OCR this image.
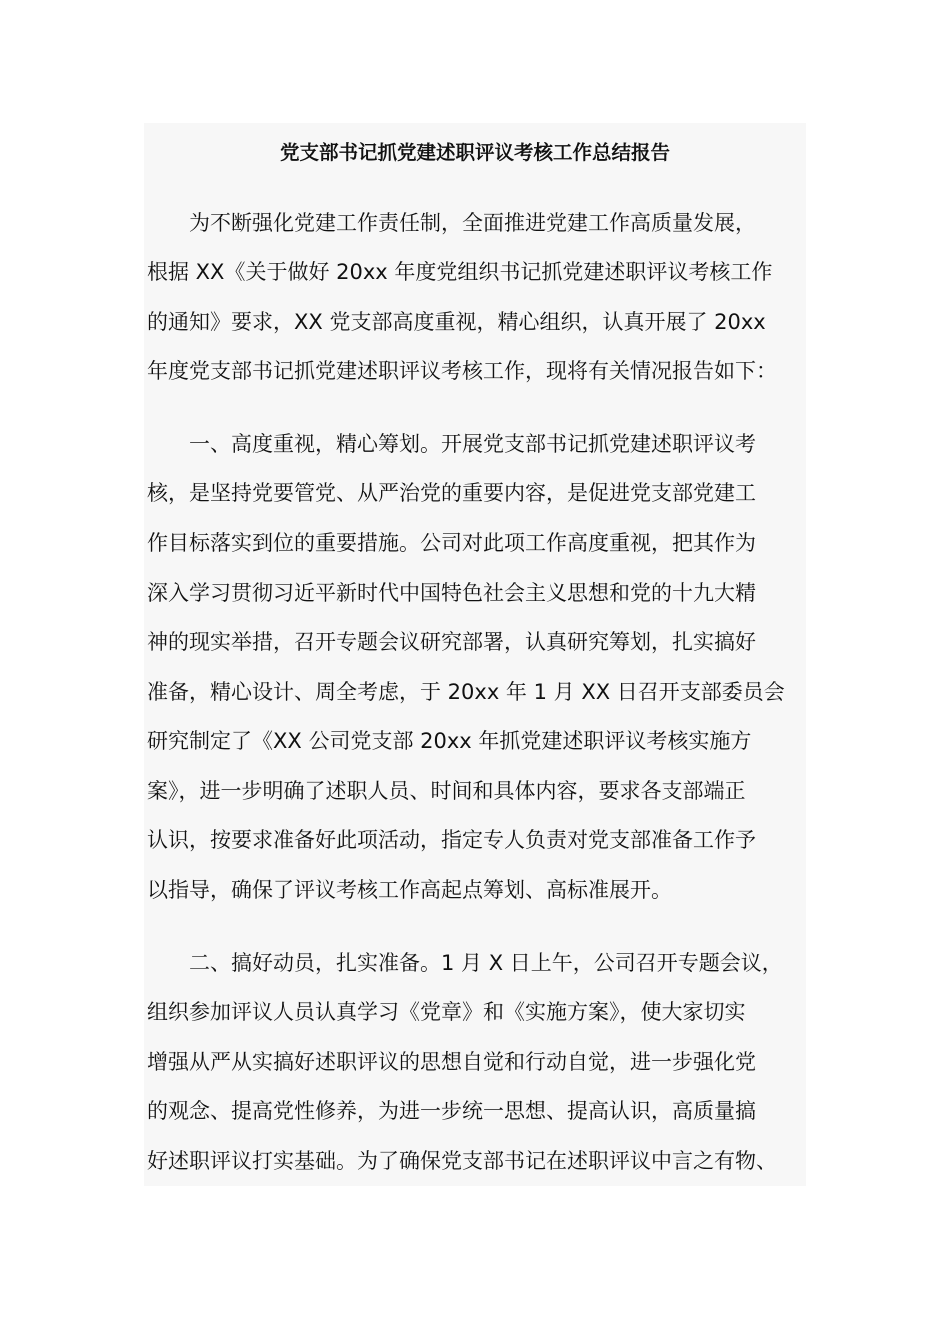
党支部书记抓党建述职评议考核工作总结报告
为不断强化党建工作责任制，全面推进党建工作高质量发展，
根据 XX《关于做好 20xx 年度党组织书记抓党建述职评议考核工作
的通知》要求，XX 党支部高度重视，精心组织，认真开展了 20xx
年度党支部书记抓党建述职评议考核工作，现将有关情况报告如下：
一、高度重视，精心筹划。开展党支部书记抓党建述职评议考
核，是坚持党要管党、从严治党的重要内容，是促进党支部党建工
作目标落实到位的重要措施。公司对此项工作高度重视，把其作为
深入学习贯彻习近平新时代中国特色社会主义思想和党的十九大精
神的现实举措，召开专题会议研究部署，认真研究筹划，扎实搞好
准备，精心设计、周全考虑，于 20xx 年 1 月 XX 日召开支部委员会
研究制定了《XX 公司党支部 20xx 年抓党建述职评议考核实施方
案》，进一步明确了述职人员、时间和具体内容，要求各支部端正
认识，按要求准备好此项活动，指定专人负责对党支部准备工作予
以指导，确保了评议考核工作高起点筹划、高标准展开。
二、搞好动员，扎实准备。1 月 X 日上午，公司召开专题会议，
组织参加评议人员认真学习《党章》和《实施方案》，使大家切实
增强从严从实搞好述职评议的思想自觉和行动自觉，进一步强化党
的观念、提高党性修养，为进一步统一思想、提高认识，高质量搞
好述职评议打实基础。为了确保党支部书记在述职评议中言之有物、
